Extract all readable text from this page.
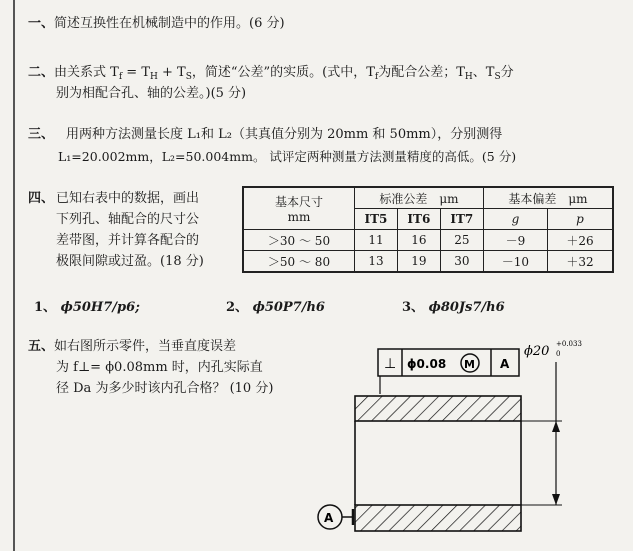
一、简述互换性在机械制造中的作用。(6 分)
二、由关系式 $T_f = T_H + T_S$，简述“公差”的实质。(式中，$T_f$为配合公差；$T_H$、$T_S$分
别为相配合孔、轴的公差。)(5 分)
三、 用两种方法测量长度 L₁和 L₂（其真值分别为 20mm 和 50mm），分别测得
L₁=20.002mm，L₂=50.004mm。 试评定两种测量方法测量精度的高低。(5 分)
四、 已知右表中的数据，画出
下列孔、轴配合的尺寸公
差带图，并计算各配合的
极限间隙或过盈。(18 分)
基本尺寸
mm	标准公差　μm			基本偏差　μm	
	IT5	IT6	IT7	g	p
＞30 ～ 50	11	16	25	－9	＋26
＞50 ～ 80	13	19	30	－10	＋32
1、 ϕ50H7/p6;	2、 ϕ50P7/h6	3、 ϕ80Js7/h6
五、如右图所示零件，当垂直度误差
为 f⊥= ϕ0.08mm 时，内孔实际直
径 Da 为多少时该内孔合格？ (10 分)
ϕ20 +0.033
0
⊥ ϕ0.08 M A
A
